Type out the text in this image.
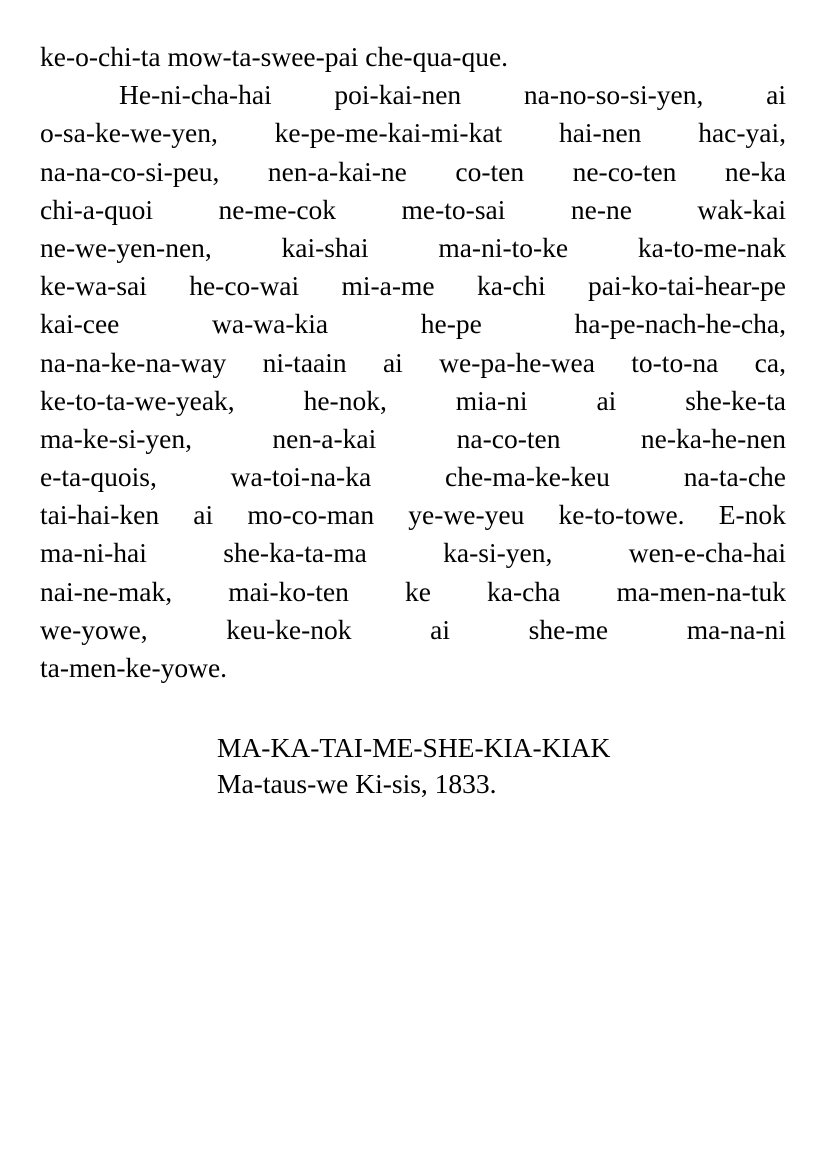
ke-o-chi-ta mow-ta-swee-pai che-qua-que.
He-ni-cha-hai poi-kai-nen na-no-so-si-yen, ai
o-sa-ke-we-yen, ke-pe-me-kai-mi-kat hai-nen hac-yai,
na-na-co-si-peu, nen-a-kai-ne co-ten ne-co-ten ne-ka
chi-a-quoi ne-me-cok me-to-sai ne-ne wak-kai
ne-we-yen-nen,	kai-shai	ma-ni-to-ke	ka-to-me-nak
ke-wa-sai he-co-wai mi-a-me ka-chi pai-ko-tai-hear-pe
kai-cee	wa-wa-kia	he-pe	ha-pe-nach-he-cha,
na-na-ke-na-way ni-taain ai we-pa-he-wea to-to-na ca,
ke-to-ta-we-yeak,	he-nok,	mia-ni	ai	she-ke-ta
ma-ke-si-yen,	nen-a-kai	na-co-ten	ne-ka-he-nen
e-ta-quois,	wa-toi-na-ka	che-ma-ke-keu	na-ta-che
tai-hai-ken ai mo-co-man ye-we-yeu ke-to-towe. E-nok
ma-ni-hai	she-ka-ta-ma	ka-si-yen,	wen-e-cha-hai
nai-ne-mak, mai-ko-ten ke ka-cha ma-men-na-tuk
we-yowe,	keu-ke-nok	ai	she-me	ma-na-ni
ta-men-ke-yowe.
MA-KA-TAI-ME-SHE-KIA-KIAK
Ma-taus-we Ki-sis, 1833.
